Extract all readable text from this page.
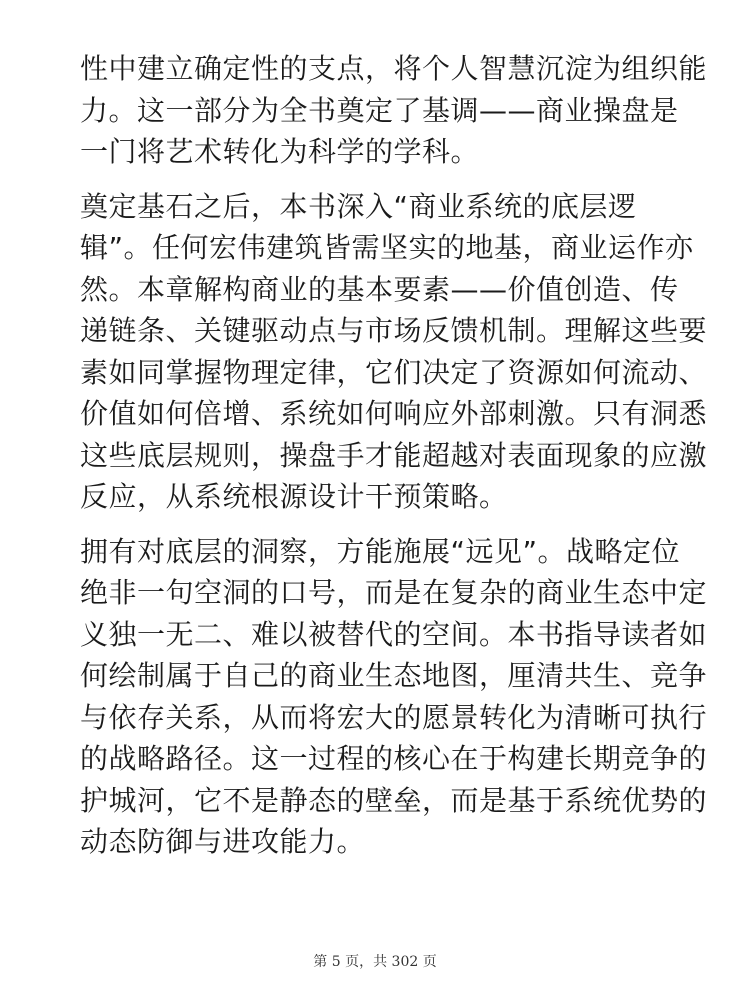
性中建立确定性的支点，将个人智慧沉淀为组织能
力。这一部分为全书奠定了基调——商业操盘是
一门将艺术转化为科学的学科。
奠定基石之后，本书深入“商业系统的底层逻
辑”。任何宏伟建筑皆需坚实的地基，商业运作亦
然。本章解构商业的基本要素——价值创造、传
递链条、关键驱动点与市场反馈机制。理解这些要
素如同掌握物理定律，它们决定了资源如何流动、
价值如何倍增、系统如何响应外部刺激。只有洞悉
这些底层规则，操盘手才能超越对表面现象的应激
反应，从系统根源设计干预策略。
拥有对底层的洞察，方能施展“远见”。战略定位
绝非一句空洞的口号，而是在复杂的商业生态中定
义独一无二、难以被替代的空间。本书指导读者如
何绘制属于自己的商业生态地图，厘清共生、竞争
与依存关系，从而将宏大的愿景转化为清晰可执行
的战略路径。这一过程的核心在于构建长期竞争的
护城河，它不是静态的壁垒，而是基于系统优势的
动态防御与进攻能力。
第 5 页，共 302 页
